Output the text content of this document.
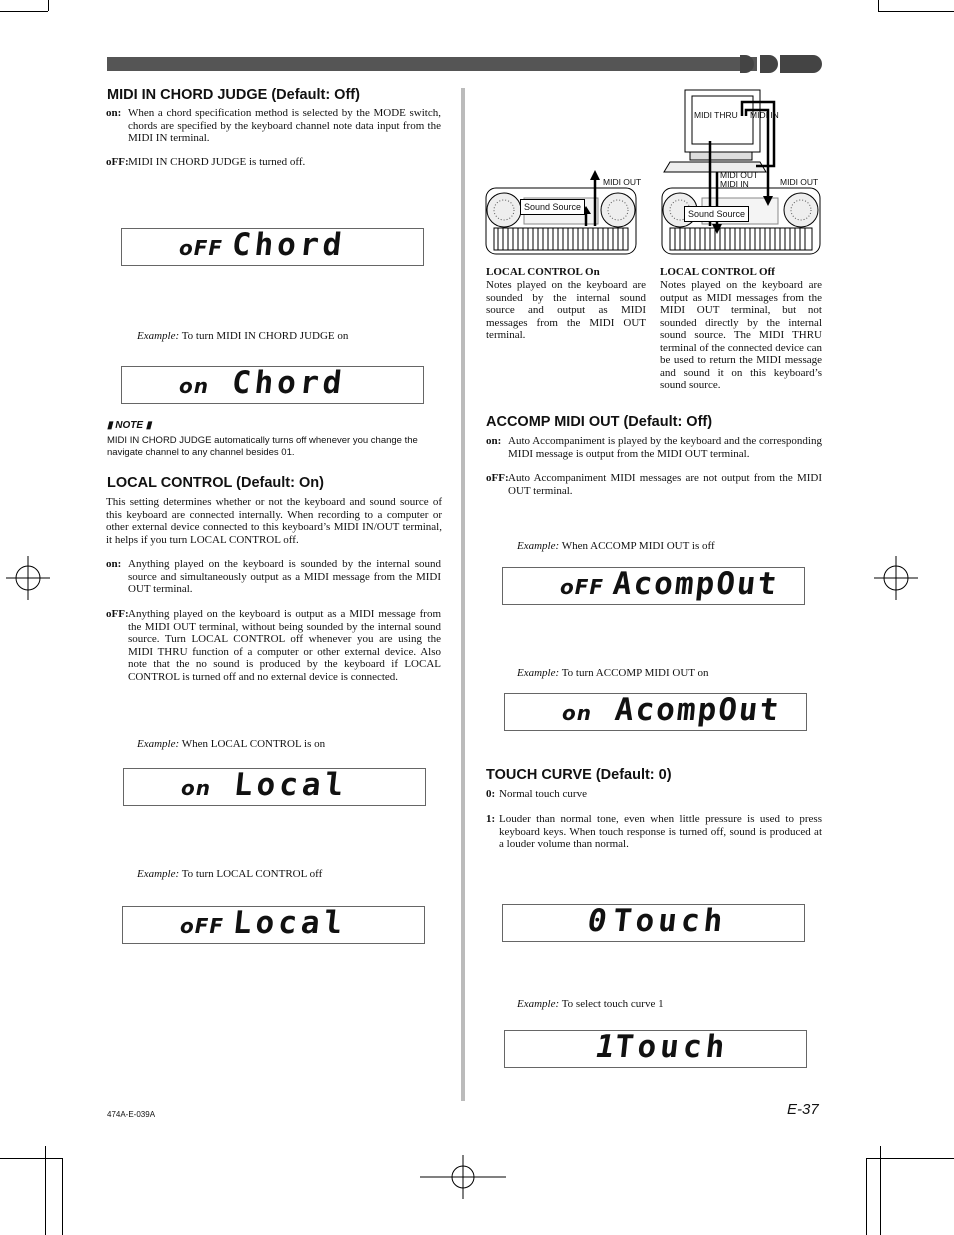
MIDI IN CHORD JUDGE (Default: Off)
on: When a chord specification method is selected by the MODE switch, chords are specified by the keyboard channel note data input from the MIDI IN terminal.
oFF: MIDI IN CHORD JUDGE is turned off.
oFF Chord
Example: To turn MIDI IN CHORD JUDGE on
on Chord
▮ NOTE ▮
MIDI IN CHORD JUDGE automatically turns off whenever you change the navigate channel to any channel besides 01.
LOCAL CONTROL (Default: On)
This setting determines whether or not the keyboard and sound source of this keyboard are connected internally. When recording to a computer or other external device connected to this keyboard’s MIDI IN/OUT terminal, it helps if you turn LOCAL CONTROL off.
on: Anything played on the keyboard is sounded by the internal sound source and simultaneously output as a MIDI message from the MIDI OUT terminal.
oFF: Anything played on the keyboard is output as a MIDI message from the MIDI OUT terminal, without being sounded by the internal sound source. Turn LOCAL CONTROL off whenever you are using the MIDI THRU function of a computer or other external device. Also note that the no sound is produced by the keyboard if LOCAL CONTROL is turned off and no external device is connected.
Example: When LOCAL CONTROL is on
on Local
Example: To turn LOCAL CONTROL off
oFF Local
474A-E-039A
MIDI THRU MIDI IN
MIDI OUT
MIDI OUT
MIDI IN	MIDI OUT
Sound Source
Sound Source
LOCAL CONTROL On
Notes played on the keyboard are sounded by the internal sound source and output as MIDI messages from the MIDI OUT terminal.
LOCAL CONTROL Off
Notes played on the keyboard are output as MIDI messages from the MIDI OUT terminal, but not sounded directly by the internal sound source. The MIDI THRU terminal of the connected device can be used to return the MIDI message and sound it on this keyboard’s sound source.
ACCOMP MIDI OUT (Default: Off)
on: Auto Accompaniment is played by the keyboard and the corresponding MIDI message is output from the MIDI OUT terminal.
oFF: Auto Accompaniment MIDI messages are not output from the MIDI OUT terminal.
Example: When ACCOMP MIDI OUT is off
oFF AcompOut
Example: To turn ACCOMP MIDI OUT on
on AcompOut
TOUCH CURVE (Default: 0)
0: Normal touch curve
1: Louder than normal tone, even when little pressure is used to press keyboard keys. When touch response is turned off, sound is produced at a louder volume than normal.
0 Touch
Example: To select touch curve 1
1
Touch
E-37
